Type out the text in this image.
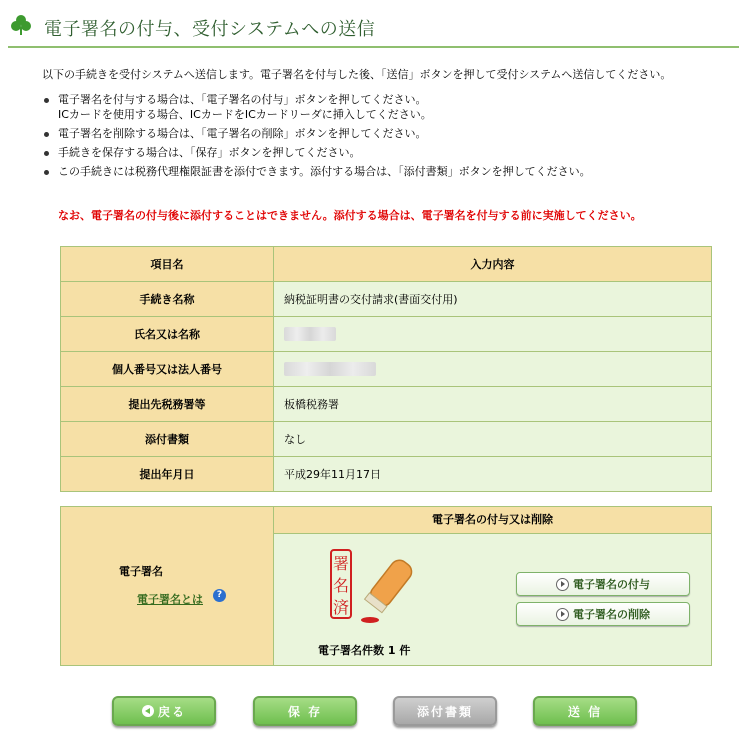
電子署名の付与、受付システムへの送信
以下の手続きを受付システムへ送信します。電子署名を付与した後、「送信」ボタンを押して受付システムへ送信してください。
電子署名を付与する場合は、「電子署名の付与」ボタンを押してください。
ICカードを使用する場合、ICカードをICカードリーダに挿入してください。
電子署名を削除する場合は、「電子署名の削除」ボタンを押してください。
手続きを保存する場合は、「保存」ボタンを押してください。
この手続きには税務代理権限証書を添付できます。添付する場合は、「添付書類」ボタンを押してください。
なお、電子署名の付与後に添付することはできません。添付する場合は、電子署名を付与する前に実施してください。
項目名	入力内容
手続き名称	納税証明書の交付請求(書面交付用)
氏名又は名称	
個人番号又は法人番号	
提出先税務署等	板橋税務署
添付書類	なし
提出年月日	平成29年11月17日
電子署名
電子署名とは	?
電子署名の付与又は削除
署
名
済
電子署名件数 1 件
電子署名の付与
電子署名の削除
戻る	保 存	添付書類	送 信
